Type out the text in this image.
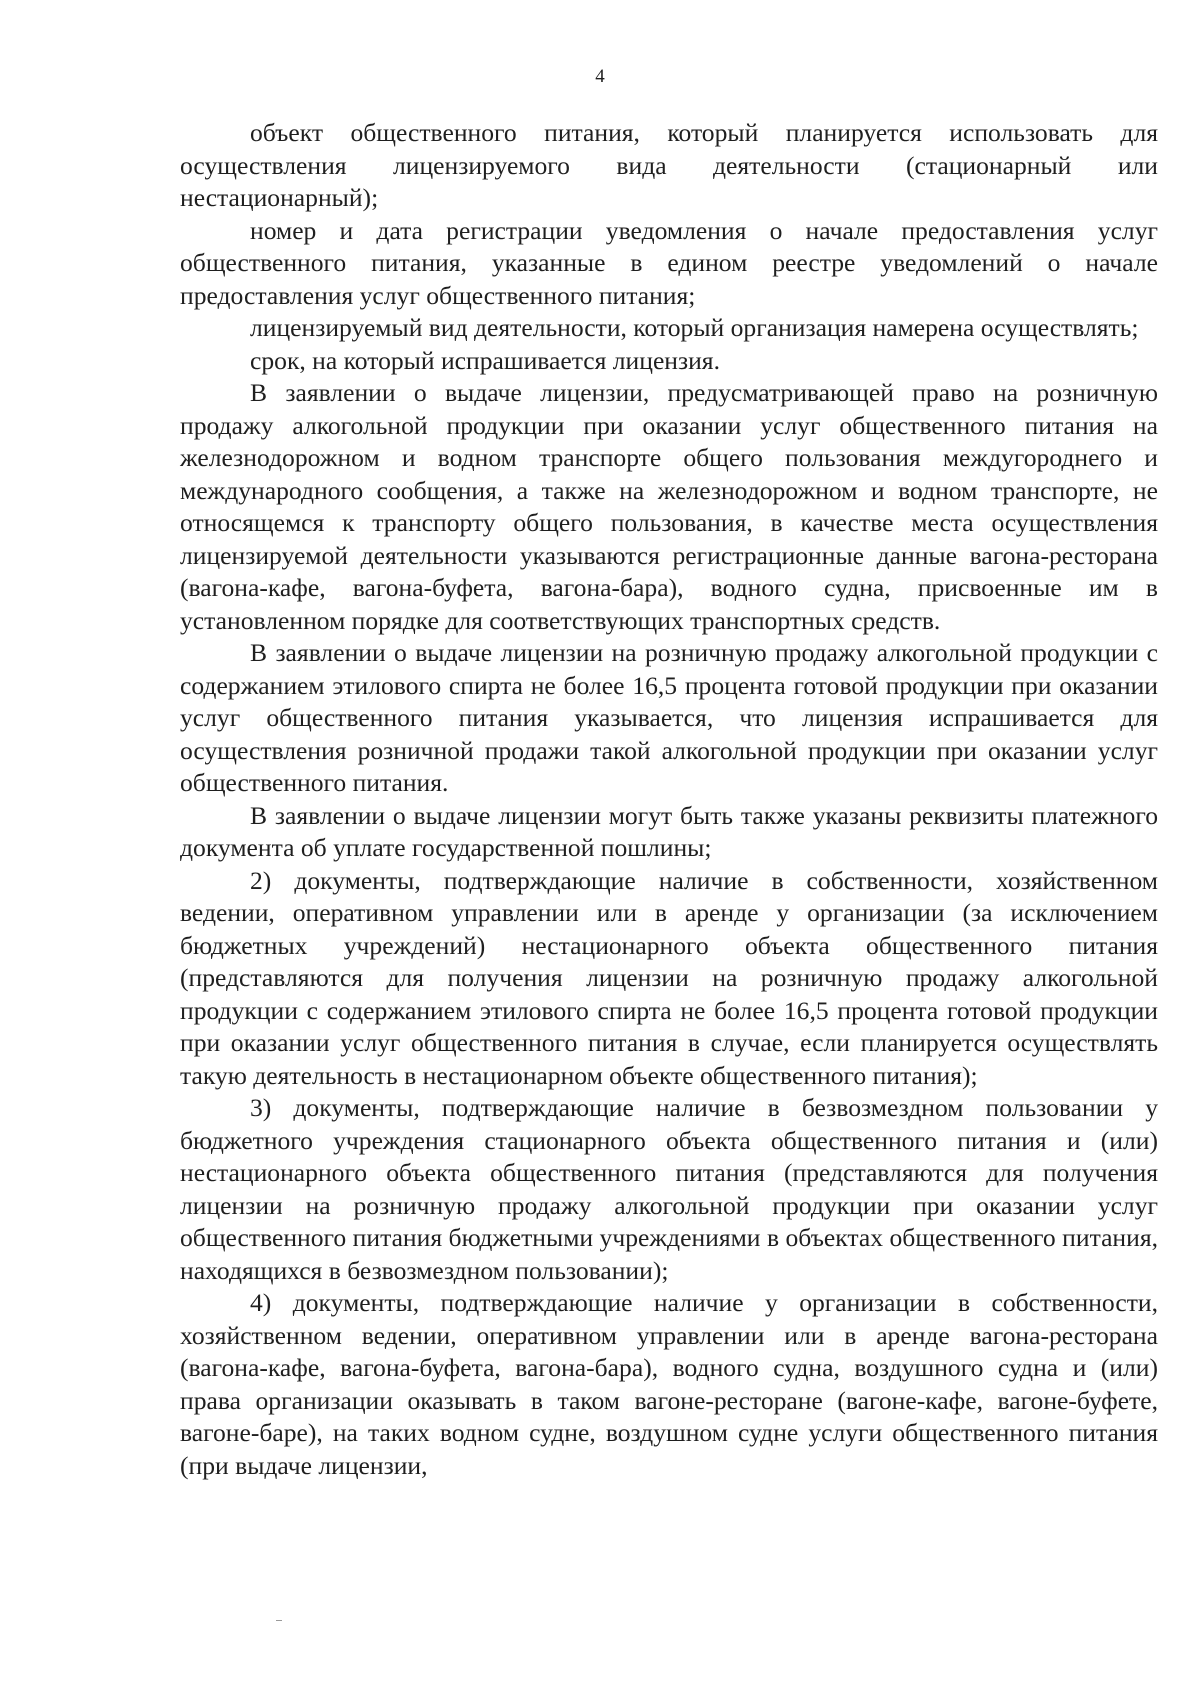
4

объект общественного питания, который планируется использовать для осуществления лицензируемого вида деятельности (стационарный или нестационарный);

номер и дата регистрации уведомления о начале предоставления услуг общественного питания, указанные в едином реестре уведомлений о начале предоставления услуг общественного питания;

лицензируемый вид деятельности, который организация намерена осуществлять;

срок, на который испрашивается лицензия.

В заявлении о выдаче лицензии, предусматривающей право на розничную продажу алкогольной продукции при оказании услуг общественного питания на железнодорожном и водном транспорте общего пользования междугороднего и международного сообщения, а также на железнодорожном и водном транспорте, не относящемся к транспорту общего пользования, в качестве места осуществления лицензируемой деятельности указываются регистрационные данные вагона-ресторана (вагона-кафе, вагона-буфета, вагона-бара), водного судна, присвоенные им в установленном порядке для соответствующих транспортных средств.

В заявлении о выдаче лицензии на розничную продажу алкогольной продукции с содержанием этилового спирта не более 16,5 процента готовой продукции при оказании услуг общественного питания указывается, что лицензия испрашивается для осуществления розничной продажи такой алкогольной продукции при оказании услуг общественного питания.

В заявлении о выдаче лицензии могут быть также указаны реквизиты платежного документа об уплате государственной пошлины;

2) документы, подтверждающие наличие в собственности, хозяйственном ведении, оперативном управлении или в аренде у организации (за исключением бюджетных учреждений) нестационарного объекта общественного питания (представляются для получения лицензии на розничную продажу алкогольной продукции с содержанием этилового спирта не более 16,5 процента готовой продукции при оказании услуг общественного питания в случае, если планируется осуществлять такую деятельность в нестационарном объекте общественного питания);

3) документы, подтверждающие наличие в безвозмездном пользовании у бюджетного учреждения стационарного объекта общественного питания и (или) нестационарного объекта общественного питания (представляются для получения лицензии на розничную продажу алкогольной продукции при оказании услуг общественного питания бюджетными учреждениями в объектах общественного питания, находящихся в безвозмездном пользовании);

4) документы, подтверждающие наличие у организации в собственности, хозяйственном ведении, оперативном управлении или в аренде вагона-ресторана (вагона-кафе, вагона-буфета, вагона-бара), водного судна, воздушного судна и (или) права организации оказывать в таком вагоне-ресторане (вагоне-кафе, вагоне-буфете, вагоне-баре), на таких водном судне, воздушном судне услуги общественного питания (при выдаче лицензии,
